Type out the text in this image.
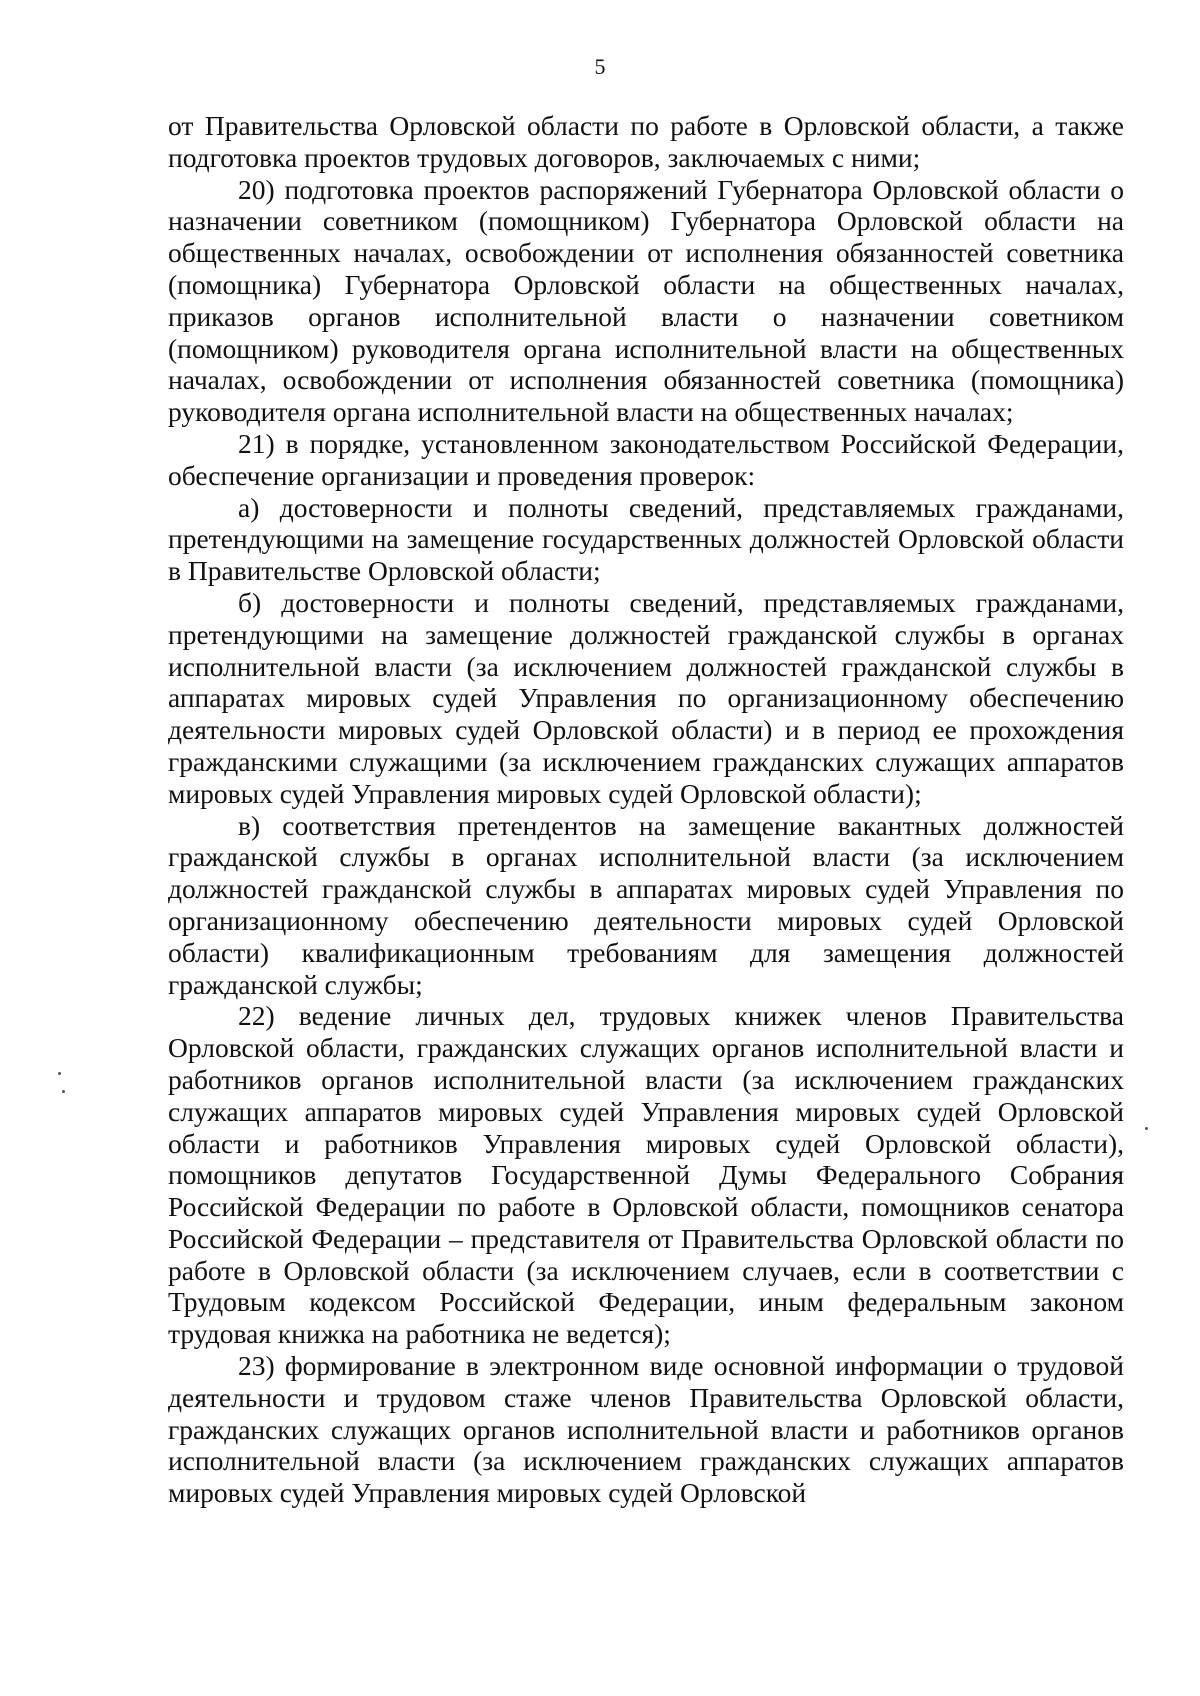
5

от Правительства Орловской области по работе в Орловской области, а также подготовка проектов трудовых договоров, заключаемых с ними;

20) подготовка проектов распоряжений Губернатора Орловской области о назначении советником (помощником) Губернатора Орловской области на общественных началах, освобождении от исполнения обязанностей советника (помощника) Губернатора Орловской области на общественных началах, приказов органов исполнительной власти о назначении советником (помощником) руководителя органа исполнительной власти на общественных началах, освобождении от исполнения обязанностей советника (помощника) руководителя органа исполнительной власти на общественных началах;

21) в порядке, установленном законодательством Российской Федерации, обеспечение организации и проведения проверок:

а) достоверности и полноты сведений, представляемых гражданами, претендующими на замещение государственных должностей Орловской области в Правительстве Орловской области;

б) достоверности и полноты сведений, представляемых гражданами, претендующими на замещение должностей гражданской службы в органах исполнительной власти (за исключением должностей гражданской службы в аппаратах мировых судей Управления по организационному обеспечению деятельности мировых судей Орловской области) и в период ее прохождения гражданскими служащими (за исключением гражданских служащих аппаратов мировых судей Управления мировых судей Орловской области);

в) соответствия претендентов на замещение вакантных должностей гражданской службы в органах исполнительной власти (за исключением должностей гражданской службы в аппаратах мировых судей Управления по организационному обеспечению деятельности мировых судей Орловской области) квалификационным требованиям для замещения должностей гражданской службы;

22) ведение личных дел, трудовых книжек членов Правительства Орловской области, гражданских служащих органов исполнительной власти и работников органов исполнительной власти (за исключением гражданских служащих аппаратов мировых судей Управления мировых судей Орловской области и работников Управления мировых судей Орловской области), помощников депутатов Государственной Думы Федерального Собрания Российской Федерации по работе в Орловской области, помощников сенатора Российской Федерации – представителя от Правительства Орловской области по работе в Орловской области (за исключением случаев, если в соответствии с Трудовым кодексом Российской Федерации, иным федеральным законом трудовая книжка на работника не ведется);

23) формирование в электронном виде основной информации о трудовой деятельности и трудовом стаже членов Правительства Орловской области, гражданских служащих органов исполнительной власти и работников органов исполнительной власти (за исключением гражданских служащих аппаратов мировых судей Управления мировых судей Орловской
